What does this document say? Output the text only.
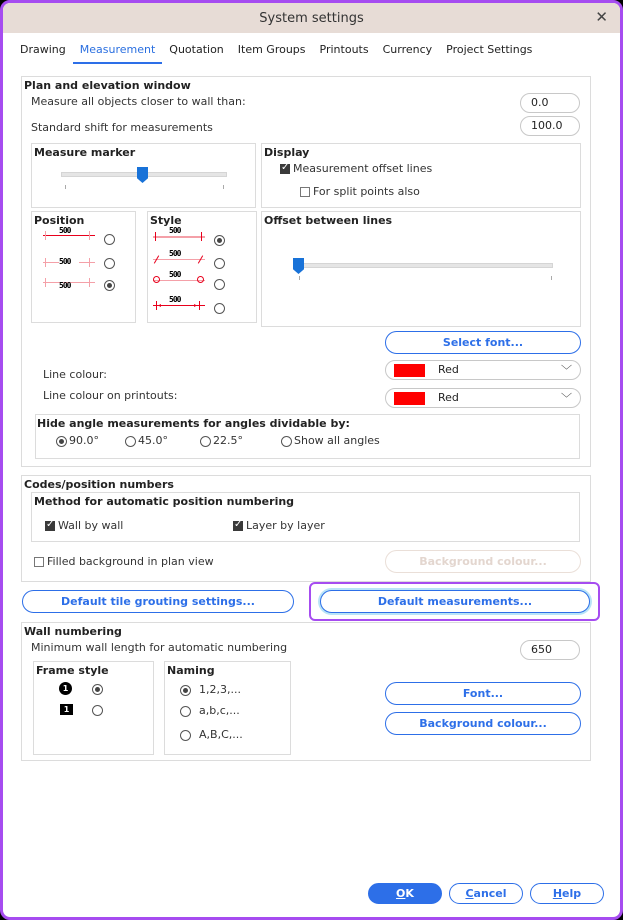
System settings	✕
Drawing	Measurement	Quotation	Item Groups	Printouts	Currency	Project Settings
Plan and elevation window
Measure all objects closer to wall than:	0.0
Standard shift for measurements	100.0
Measure marker	Display
✓
Measurement offset lines
For split points also
Position
500
500
500
Style
500
500
500
◂	▸
500
Offset between lines
Select font...
Line colour:	Red	﹀
Line colour on printouts:	Red	﹀
Hide angle measurements for angles dividable by:
90.0°	45.0°	22.5°	Show all angles
Codes/position numbers
Method for automatic position numbering
✓
Wall by wall ✓	Layer by layer
Filled background in plan view	Background colour...
Default tile grouting settings...	Default measurements...
Wall numbering
Minimum wall length for automatic numbering	650
Frame style
1
1
Naming
1,2,3,...
a,b,c,...
A,B,C,...
Font...
Background colour...
O K	C ancel	H elp
